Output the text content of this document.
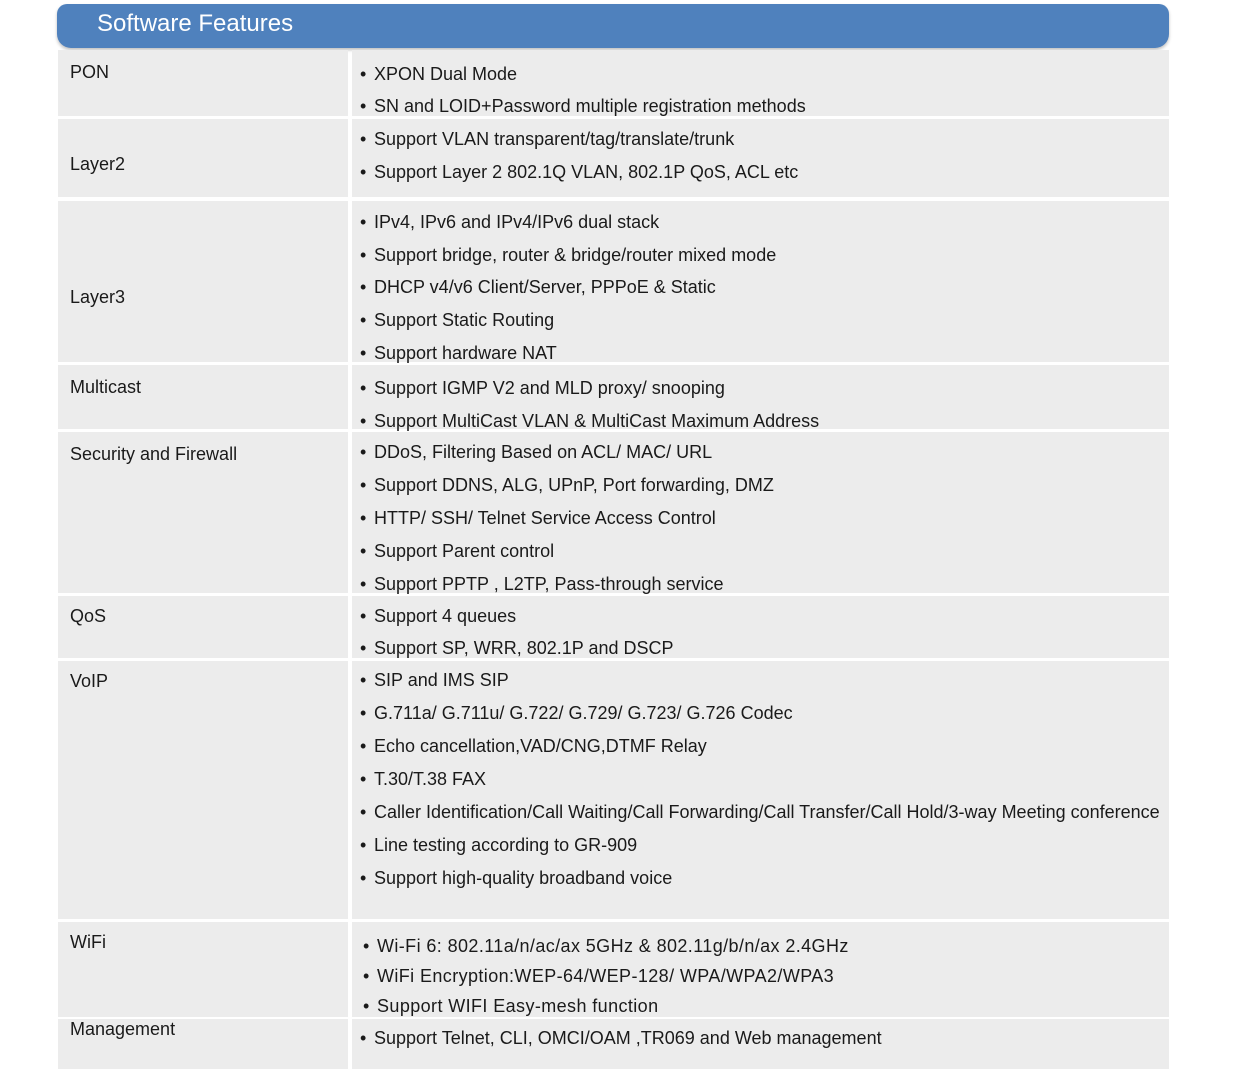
Software Features
PON	• XPON Dual Mode
• SN and LOID+Password multiple registration methods
Layer2
• Support VLAN transparent/tag/translate/trunk
• Support Layer 2 802.1Q VLAN, 802.1P QoS, ACL etc
Layer3
• IPv4, IPv6 and IPv4/IPv6 dual stack
• Support bridge, router & bridge/router mixed mode
• DHCP v4/v6 Client/Server, PPPoE & Static
• Support Static Routing
• Support hardware NAT
Multicast	• Support IGMP V2 and MLD proxy/ snooping
• Support MultiCast VLAN & MultiCast Maximum Address
Security and Firewall	• DDoS, Filtering Based on ACL/ MAC/ URL
• Support DDNS, ALG, UPnP, Port forwarding, DMZ
• HTTP/ SSH/ Telnet Service Access Control
• Support Parent control
• Support PPTP , L2TP, Pass-through service
QoS	• Support 4 queues
• Support SP, WRR, 802.1P and DSCP
VoIP	• SIP and IMS SIP
• G.711a/ G.711u/ G.722/ G.729/ G.723/ G.726 Codec
• Echo cancellation,VAD/CNG,DTMF Relay
• T.30/T.38 FAX
• Caller Identification/Call Waiting/Call Forwarding/Call Transfer/Call Hold/3-way Meeting conference
• Line testing according to GR-909
• Support high-quality broadband voice
WiFi	• Wi-Fi 6: 802.11a/n/ac/ax 5GHz & 802.11g/b/n/ax 2.4GHz
• WiFi Encryption:WEP-64/WEP-128/ WPA/WPA2/WPA3
• Support WIFI Easy-mesh function
Management	• Support Telnet, CLI, OMCI/OAM ,TR069 and Web management
